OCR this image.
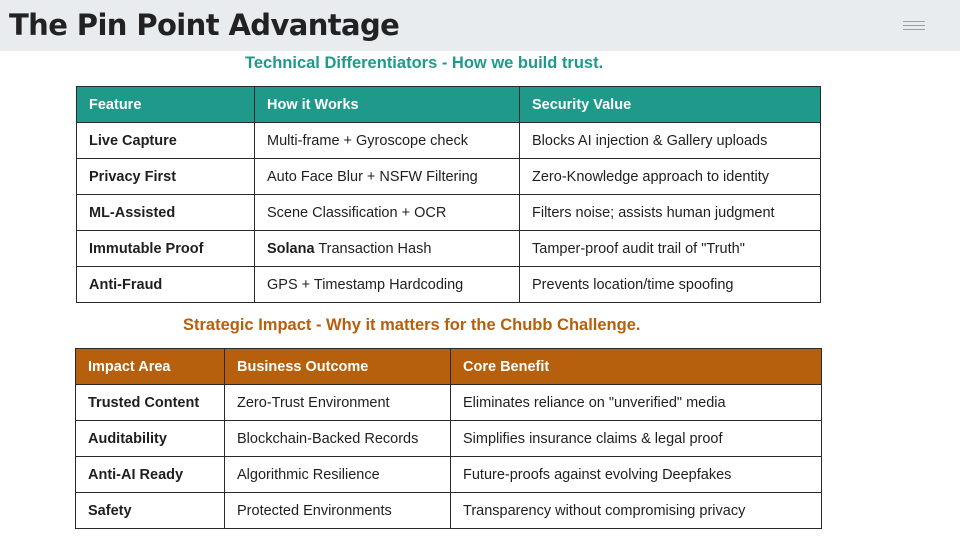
The Pin Point Advantage
Technical Differentiators - How we build trust.
Feature	How it Works	Security Value
Live Capture	Multi-frame + Gyroscope check	Blocks AI injection & Gallery uploads
Privacy First	Auto Face Blur + NSFW Filtering	Zero-Knowledge approach to identity
ML-Assisted	Scene Classification + OCR	Filters noise; assists human judgment
Immutable Proof	Solana Transaction Hash	Tamper-proof audit trail of "Truth"
Anti-Fraud	GPS + Timestamp Hardcoding	Prevents location/time spoofing
Strategic Impact - Why it matters for the Chubb Challenge.
Impact Area	Business Outcome	Core Benefit
Trusted Content	Zero-Trust Environment	Eliminates reliance on "unverified" media
Auditability	Blockchain-Backed Records	Simplifies insurance claims & legal proof
Anti-AI Ready	Algorithmic Resilience	Future-proofs against evolving Deepfakes
Safety	Protected Environments	Transparency without compromising privacy
